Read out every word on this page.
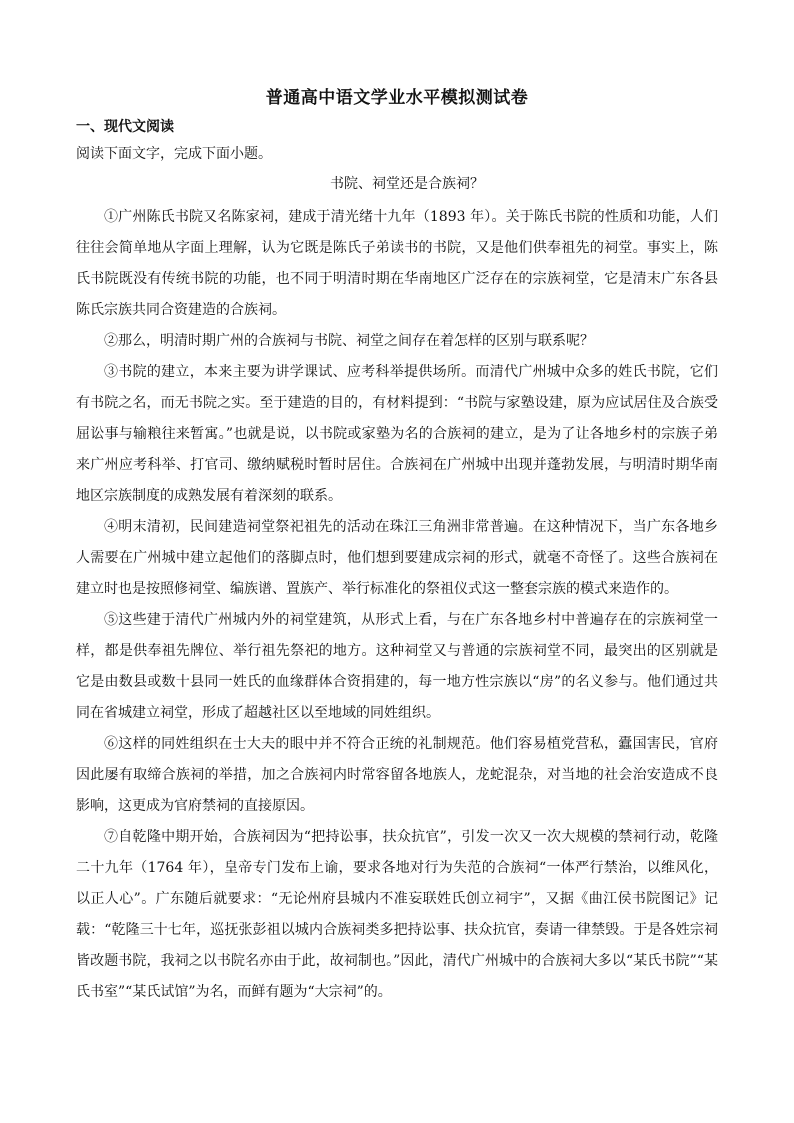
普通高中语文学业水平模拟测试卷
一、现代文阅读
阅读下面文字，完成下面小题。
书院、祠堂还是合族祠？

①广州陈氏书院又名陈家祠，建成于清光绪十九年（1893 年）。关于陈氏书院的性质和功能，人们往往会简单地从字面上理解，认为它既是陈氏子弟读书的书院，又是他们供奉祖先的祠堂。事实上，陈氏书院既没有传统书院的功能，也不同于明清时期在华南地区广泛存在的宗族祠堂，它是清末广东各县陈氏宗族共同合资建造的合族祠。

②那么，明清时期广州的合族祠与书院、祠堂之间存在着怎样的区别与联系呢？

③书院的建立，本来主要为讲学课试、应考科举提供场所。而清代广州城中众多的姓氏书院，它们有书院之名，而无书院之实。至于建造的目的，有材料提到：“书院与家塾设建，原为应试居住及合族受屈讼事与输粮往来暂寓。”也就是说，以书院或家塾为名的合族祠的建立，是为了让各地乡村的宗族子弟来广州应考科举、打官司、缴纳赋税时暂时居住。合族祠在广州城中出现并蓬勃发展，与明清时期华南地区宗族制度的成熟发展有着深刻的联系。

④明末清初，民间建造祠堂祭祀祖先的活动在珠江三角洲非常普遍。在这种情况下，当广东各地乡人需要在广州城中建立起他们的落脚点时，他们想到要建成宗祠的形式，就毫不奇怪了。这些合族祠在建立时也是按照修祠堂、编族谱、置族产、举行标准化的祭祖仪式这一整套宗族的模式来造作的。

⑤这些建于清代广州城内外的祠堂建筑，从形式上看，与在广东各地乡村中普遍存在的宗族祠堂一样，都是供奉祖先牌位、举行祖先祭祀的地方。这种祠堂又与普通的宗族祠堂不同，最突出的区别就是它是由数县或数十县同一姓氏的血缘群体合资捐建的，每一地方性宗族以“房”的名义参与。他们通过共同在省城建立祠堂，形成了超越社区以至地域的同姓组织。

⑥这样的同姓组织在士大夫的眼中并不符合正统的礼制规范。他们容易植党营私，蠹国害民，官府因此屡有取缔合族祠的举措，加之合族祠内时常容留各地族人，龙蛇混杂，对当地的社会治安造成不良影响，这更成为官府禁祠的直接原因。

⑦自乾隆中期开始，合族祠因为“把持讼事，扶众抗官”，引发一次又一次大规模的禁祠行动，乾隆二十九年（1764 年），皇帝专门发布上谕，要求各地对行为失范的合族祠“一体严行禁治，以维风化，以正人心”。广东随后就要求：“无论州府县城内不准妄联姓氏创立祠宇”，又据《曲江侯书院图记》记载：“乾隆三十七年，巡抚张彭祖以城内合族祠类多把持讼事、扶众抗官，奏请一律禁毁。于是各姓宗祠皆改题书院，我祠之以书院名亦由于此，故祠制也。”因此，清代广州城中的合族祠大多以“某氏书院”“某氏书室”“某氏试馆”为名，而鲜有题为“大宗祠”的。
